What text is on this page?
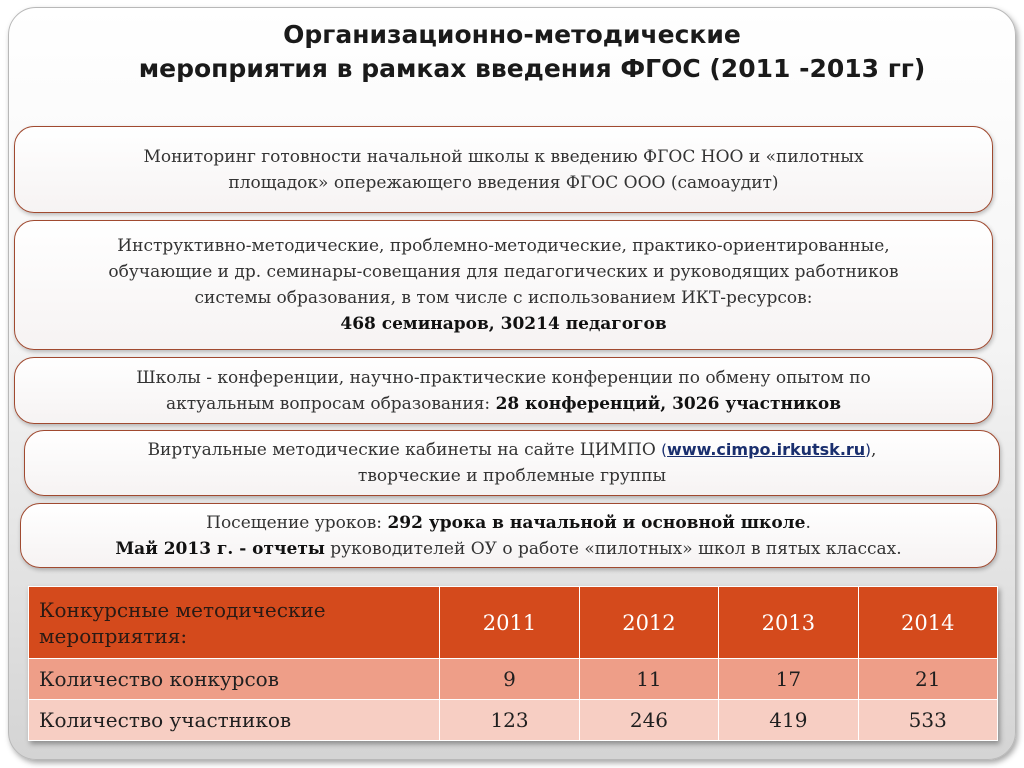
Организационно-методические
мероприятия в рамках введения ФГОС (2011 -2013 гг)

Мониторинг готовности начальной школы к введению ФГОС НОО и «пилотных

площадок» опережающего введения ФГОС ООО (самоаудит)

Инструктивно-методические, проблемно-методические, практико-ориентированные,

обучающие и др. семинары-совещания для педагогических и руководящих работников

системы образования, в том числе с использованием ИКТ-ресурсов:

468 семинаров, 30214 педагогов

Школы - конференции, научно-практические конференции по обмену опытом по

актуальным вопросам образования: 28 конференций, 3026 участников

Виртуальные методические кабинеты на сайте ЦИМПО (www.cimpo.irkutsk.ru),

творческие и проблемные группы

Посещение уроков: 292 урока в начальной и основной школе.

Май 2013 г. - отчеты руководителей ОУ о работе «пилотных» школ в пятых классах.

Конкурсные методические мероприятия:	2011	2012	2013	2014
Количество конкурсов	9	11	17	21
Количество участников	123	246	419	533
